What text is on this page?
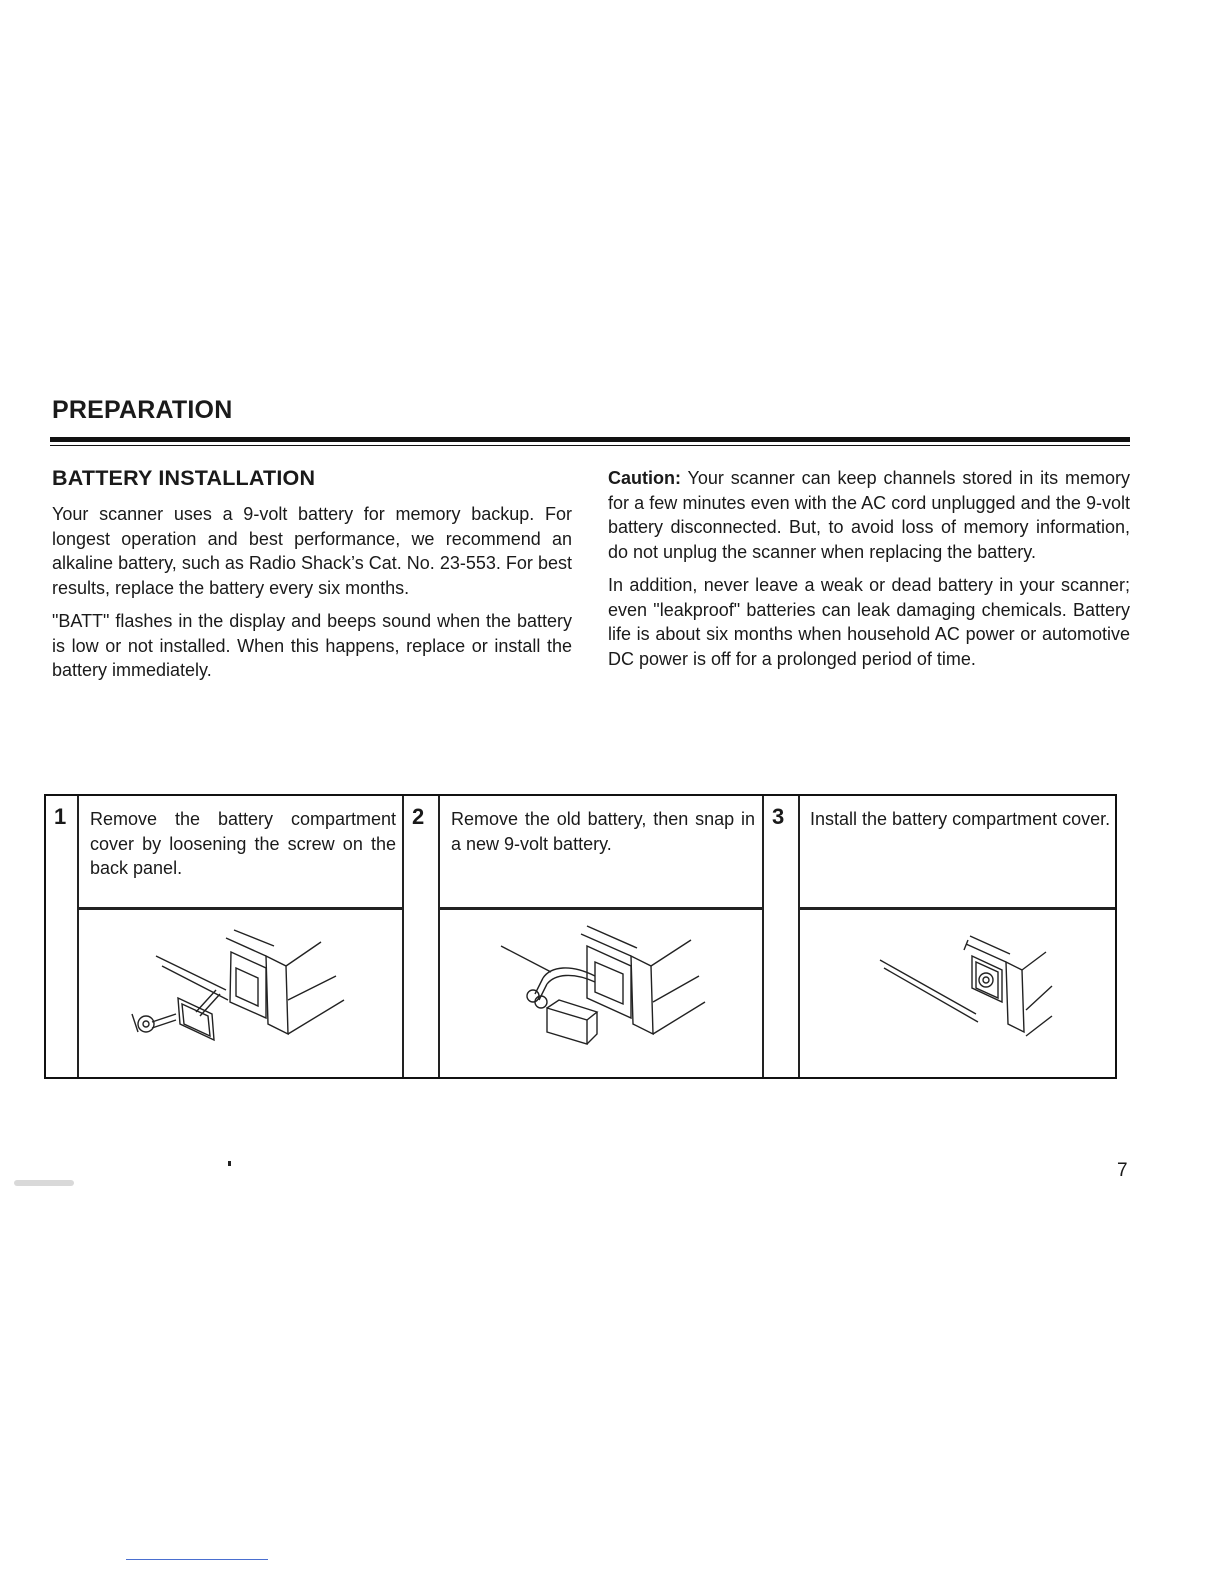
PREPARATION
BATTERY INSTALLATION

Your scanner uses a 9-volt battery for memory backup. For longest operation and best performance, we recommend an alkaline battery, such as Radio Shack’s Cat. No. 23-553. For best results, replace the battery every six months.

"BATT" flashes in the display and beeps sound when the battery is low or not installed. When this happens, replace or install the battery immediately.

Caution: Your scanner can keep channels stored in its memory for a few minutes even with the AC cord unplugged and the 9-volt battery disconnected. But, to avoid loss of memory information, do not unplug the scanner when replacing the battery.

In addition, never leave a weak or dead battery in your scanner; even "leakproof" batteries can leak damaging chemicals. Battery life is about six months when household AC power or automotive DC power is off for a prolonged period of time.

1 Remove the battery compartment cover by loosening the screw on the back panel.

2 Remove the old battery, then snap in a new 9-volt battery.

3 Install the battery compartment cover.

7
